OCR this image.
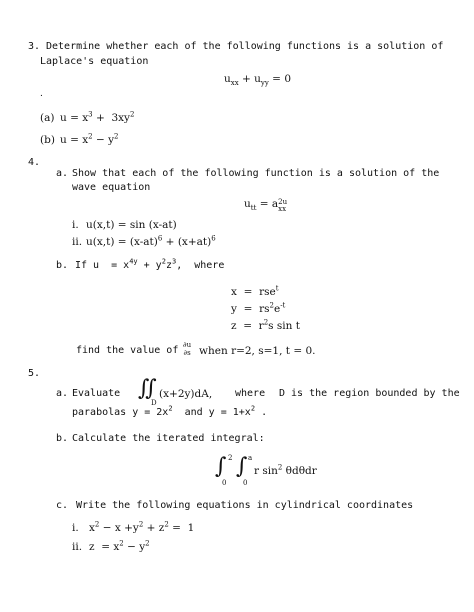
3. Determine whether each of the following functions is a solution of
Laplace's equation
$u_{xx} + u_{yy} = 0$
.
(a) $u = x^3 + 3xy^2$
(b) $u = x^2 - y^2$
4.
a. Show that each of the following function is a solution of the
wave equation
$u_{tt} = a2u$
xx
i. u(x,t) = sin (x-at)
ii. $u(x,t) = (x-at)^6 + (x+at)^6$
b. If $u = x^{4y} + y^2z^3$,  where
x  =  rse$^t$
$y = rs^2e^{-t}$
$z = r^2s$ sin t
find the value of ∂u
∂s when r=2, s=1, t = 0.
5.
a. Evaluate ∬
D
(x+2y)dA, where D is the region bounded by the
parabolas $y = 2x^2$  and $y = 1+x^2$ .
b. Calculate the iterated integral:
∫ 2
0
∫ a
0
r $\sin^2 \theta d\theta dr$
c. Write the following equations in cylindrical coordinates
i. $x^2 - x +y^2 + z^2 = 1$
ii. $z = x^2 - y^2$
